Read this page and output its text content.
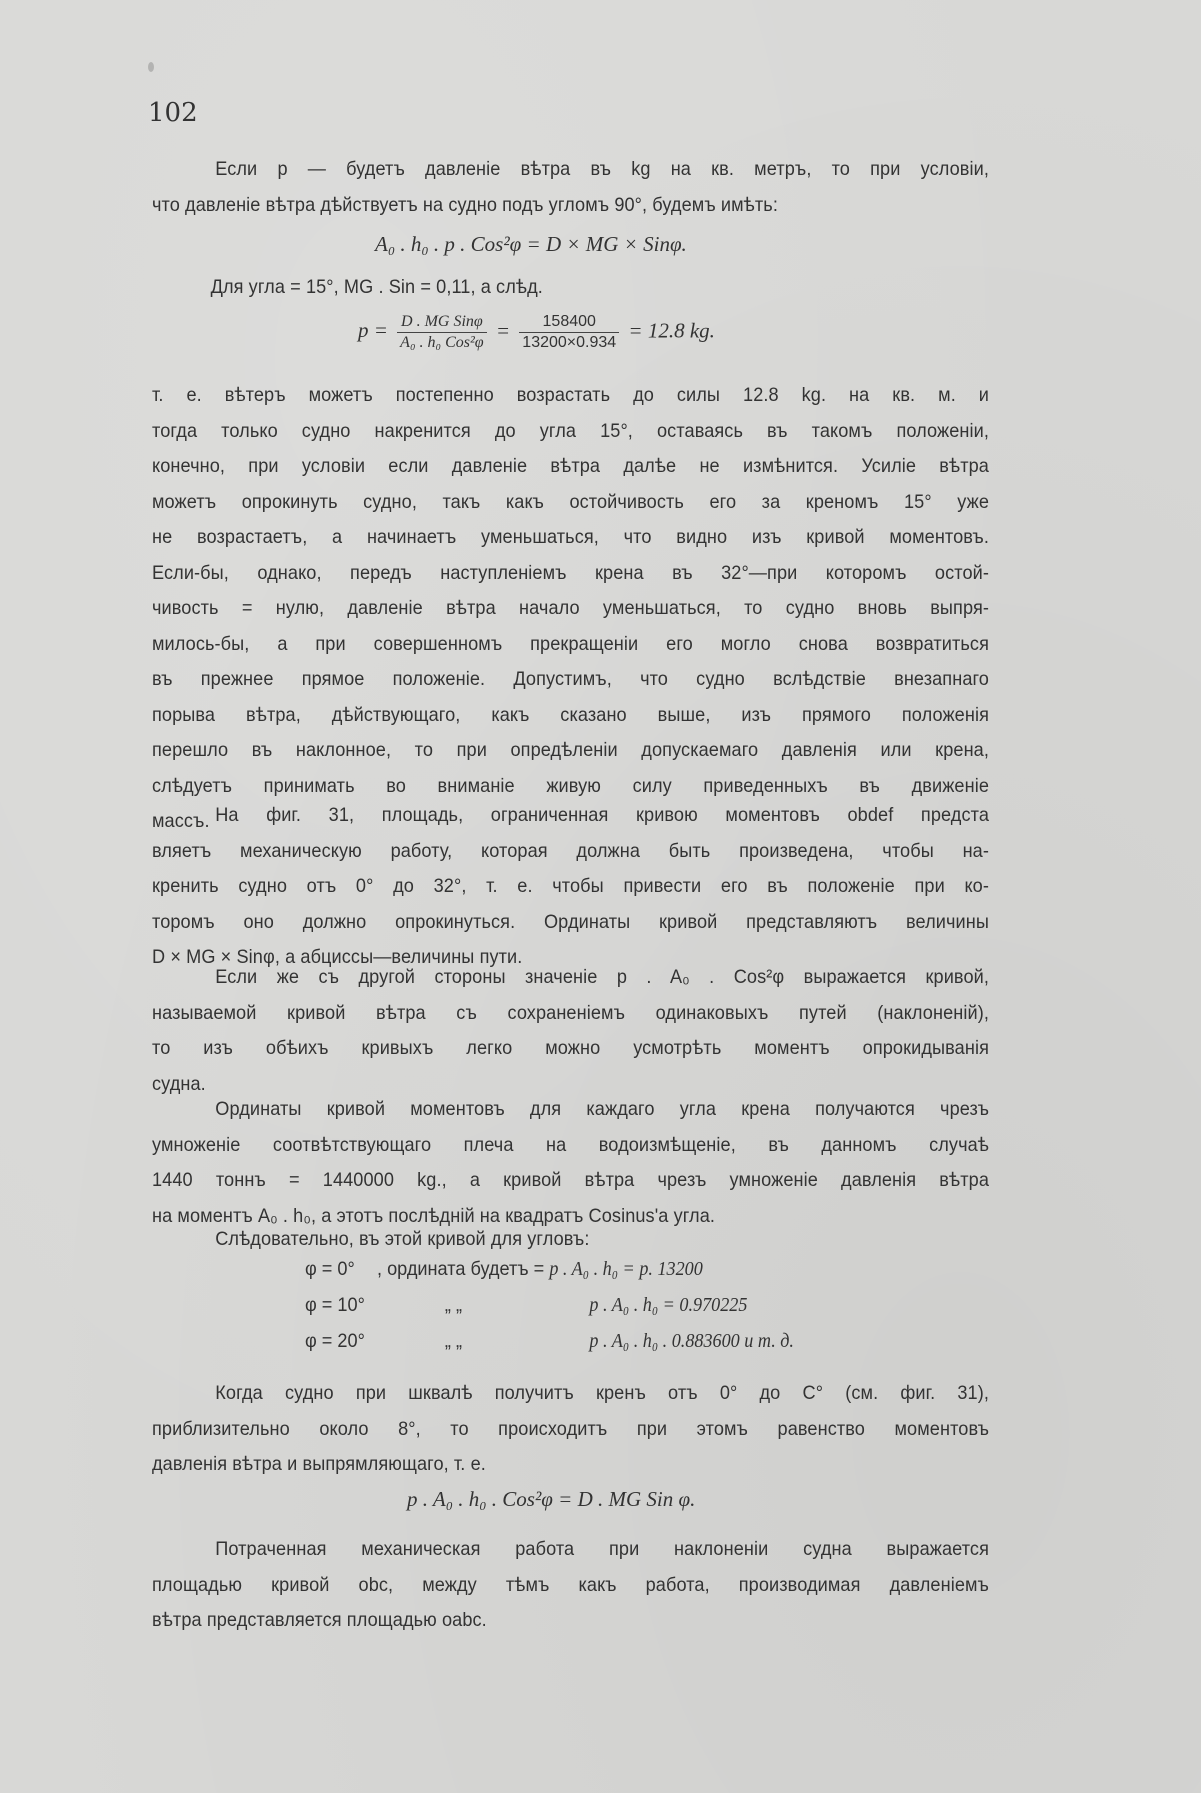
102
Если p — будетъ давленіе вѣтра въ kg на кв. метръ, то при условіи,
что давленіе вѣтра дѣйствуетъ на судно подъ угломъ 90°, будемъ имѣть:
A₀ . h₀ . p . Cos²φ = D × MG × Sinφ.
Для угла = 15°, MG . Sin = 0,11, а слѣд.
$p = \frac{\text{D . MG Sinφ}}{\text{A₀ . h₀ Cos²φ}} = \frac{158400}{13200\times 0.934} = 12.8$ kg.
т. е. вѣтеръ можетъ постепенно возрастать до силы 12.8 kg. на кв. м. и
тогда только судно накренится до угла 15°, оставаясь въ такомъ положеніи,
конечно, при условіи если давленіе вѣтра далѣе не измѣнится. Усиліе вѣтра
можетъ опрокинуть судно, такъ какъ остойчивость его за креномъ 15° уже
не возрастаетъ, а начинаетъ уменьшаться, что видно изъ кривой моментовъ.
Если-бы, однако, передъ наступленіемъ крена въ 32°—при которомъ остой-
чивость = нулю, давленіе вѣтра начало уменьшаться, то судно вновь выпря-
милось-бы, а при совершенномъ прекращеніи его могло снова возвратиться
въ прежнее прямое положеніе. Допустимъ, что судно вслѣдствіе внезапнаго
порыва вѣтра, дѣйствующаго, какъ сказано выше, изъ прямого положенія
перешло въ наклонное, то при опредѣленіи допускаемаго давленія или крена,
слѣдуетъ принимать во вниманіе живую силу приведенныхъ въ движеніе
массъ. На фиг. 31, площадь, ограниченная кривою моментовъ obdef предста
вляетъ механическую работу, которая должна быть произведена, чтобы на-
кренить судно отъ 0° до 32°, т. е. чтобы привести его въ положеніе при ко-
торомъ оно должно опрокинуться. Ординаты кривой представляютъ величины
D × MG × Sinφ, а абциссы—величины пути.
Если же съ другой стороны значеніе p . A₀ . Cos²φ выражается кривой,
называемой кривой вѣтра съ сохраненіемъ одинаковыхъ путей (наклоненій),
то изъ обѣихъ кривыхъ легко можно усмотрѣть моментъ опрокидыванія
судна.
Ординаты кривой моментовъ для каждаго угла крена получаются чрезъ
умноженіе соотвѣтствующаго плеча на водоизмѣщеніе, въ данномъ случаѣ
1440 тоннъ = 1440000 kg., а кривой вѣтра чрезъ умноженіе давленія вѣтра
на моментъ A₀ . h₀, а этотъ послѣдній на квадратъ Cosinus'a угла.
Слѣдовательно, въ этой кривой для угловъ:
φ = 0° , ордината будетъ = p . A₀ . h₀ = p. 13200
φ = 10°	„ „	p . A₀ . h₀ = 0.970225
φ = 20°	„ „	p . A₀ . h₀ . 0.883600 и т. д.
Когда судно при шквалѣ получитъ кренъ отъ 0° до C° (см. фиг. 31),
приблизительно около 8°, то происходитъ при этомъ равенство моментовъ
давленія вѣтра и выпрямляющаго, т. е.
p . A₀ . h₀ . Cos²φ = D . MG Sin φ.
Потраченная механическая работа при наклоненіи судна выражается
площадью кривой obc, между тѣмъ какъ работа, производимая давленіемъ
вѣтра представляется площадью oabc.
